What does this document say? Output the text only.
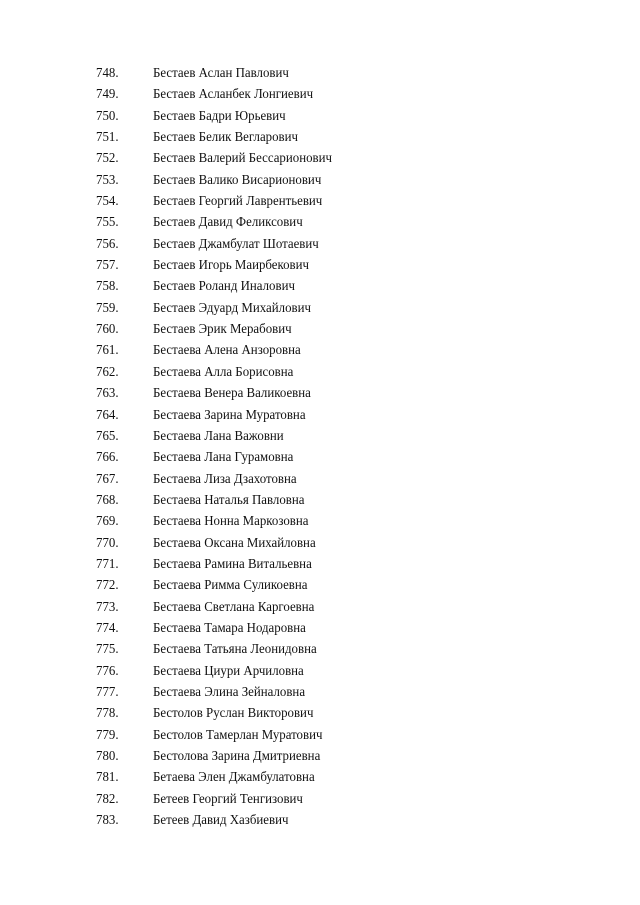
748. Бестаев Аслан Павлович
749. Бестаев Асланбек Лонгиевич
750. Бестаев Бадри Юрьевич
751. Бестаев Белик Вегларович
752. Бестаев Валерий Бессарионович
753. Бестаев Валико Висарионович
754. Бестаев Георгий Лаврентьевич
755. Бестаев Давид Феликсович
756. Бестаев Джамбулат Шотаевич
757. Бестаев Игорь Маирбекович
758. Бестаев Роланд Иналович
759. Бестаев Эдуард Михайлович
760. Бестаев Эрик Мерабович
761. Бестаева Алена Анзоровна
762. Бестаева Алла Борисовна
763. Бестаева Венера Валикоевна
764. Бестаева Зарина Муратовна
765. Бестаева Лана Важовни
766. Бестаева Лана Гурамовна
767. Бестаева Лиза Дзахотовна
768. Бестаева Наталья Павловна
769. Бестаева Нонна Маркозовна
770. Бестаева Оксана Михайловна
771. Бестаева Рамина Витальевна
772. Бестаева Римма Суликоевна
773. Бестаева Светлана Каргоевна
774. Бестаева Тамара Нодаровна
775. Бестаева Татьяна Леонидовна
776. Бестаева Циури Арчиловна
777. Бестаева Элина Зейналовна
778. Бестолов Руслан Викторович
779. Бестолов Тамерлан Муратович
780. Бестолова Зарина Дмитриевна
781. Бетаева Элен Джамбулатовна
782. Бетеев Георгий Тенгизович
783. Бетеев Давид Хазбиевич
